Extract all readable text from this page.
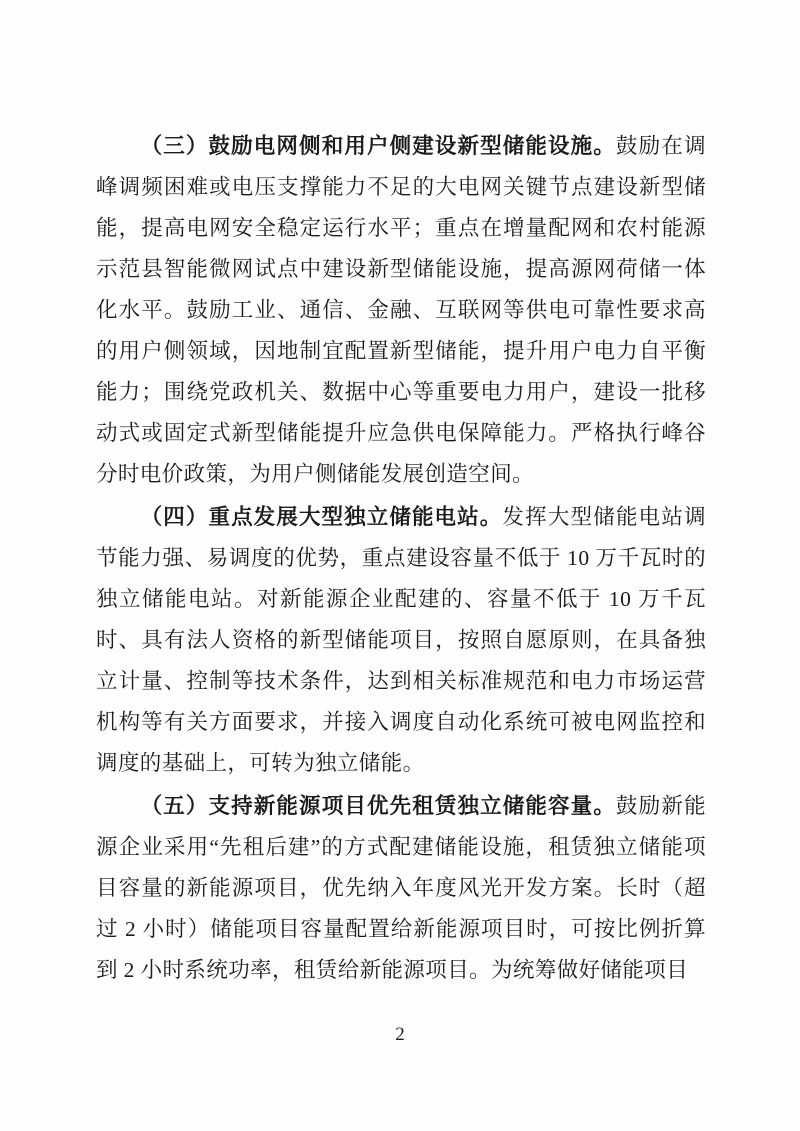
  （三）鼓励电网侧和用户侧建设新型储能设施。鼓励在调峰调频困难或电压支撑能力不足的大电网关键节点建设新型储能，提高电网安全稳定运行水平；重点在增量配网和农村能源示范县智能微网试点中建设新型储能设施，提高源网荷储一体化水平。鼓励工业、通信、金融、互联网等供电可靠性要求高的用户侧领域，因地制宜配置新型储能，提升用户电力自平衡能力；围绕党政机关、数据中心等重要电力用户，建设一批移动式或固定式新型储能提升应急供电保障能力。严格执行峰谷分时电价政策，为用户侧储能发展创造空间。

  （四）重点发展大型独立储能电站。发挥大型储能电站调节能力强、易调度的优势，重点建设容量不低于 10 万千瓦时的独立储能电站。对新能源企业配建的、容量不低于 10 万千瓦时、具有法人资格的新型储能项目，按照自愿原则，在具备独立计量、控制等技术条件，达到相关标准规范和电力市场运营机构等有关方面要求，并接入调度自动化系统可被电网监控和调度的基础上，可转为独立储能。

  （五）支持新能源项目优先租赁独立储能容量。鼓励新能源企业采用“先租后建”的方式配建储能设施，租赁独立储能项目容量的新能源项目，优先纳入年度风光开发方案。长时（超过 2 小时）储能项目容量配置给新能源项目时，可按比例折算到 2 小时系统功率，租赁给新能源项目。为统筹做好储能项目

2
